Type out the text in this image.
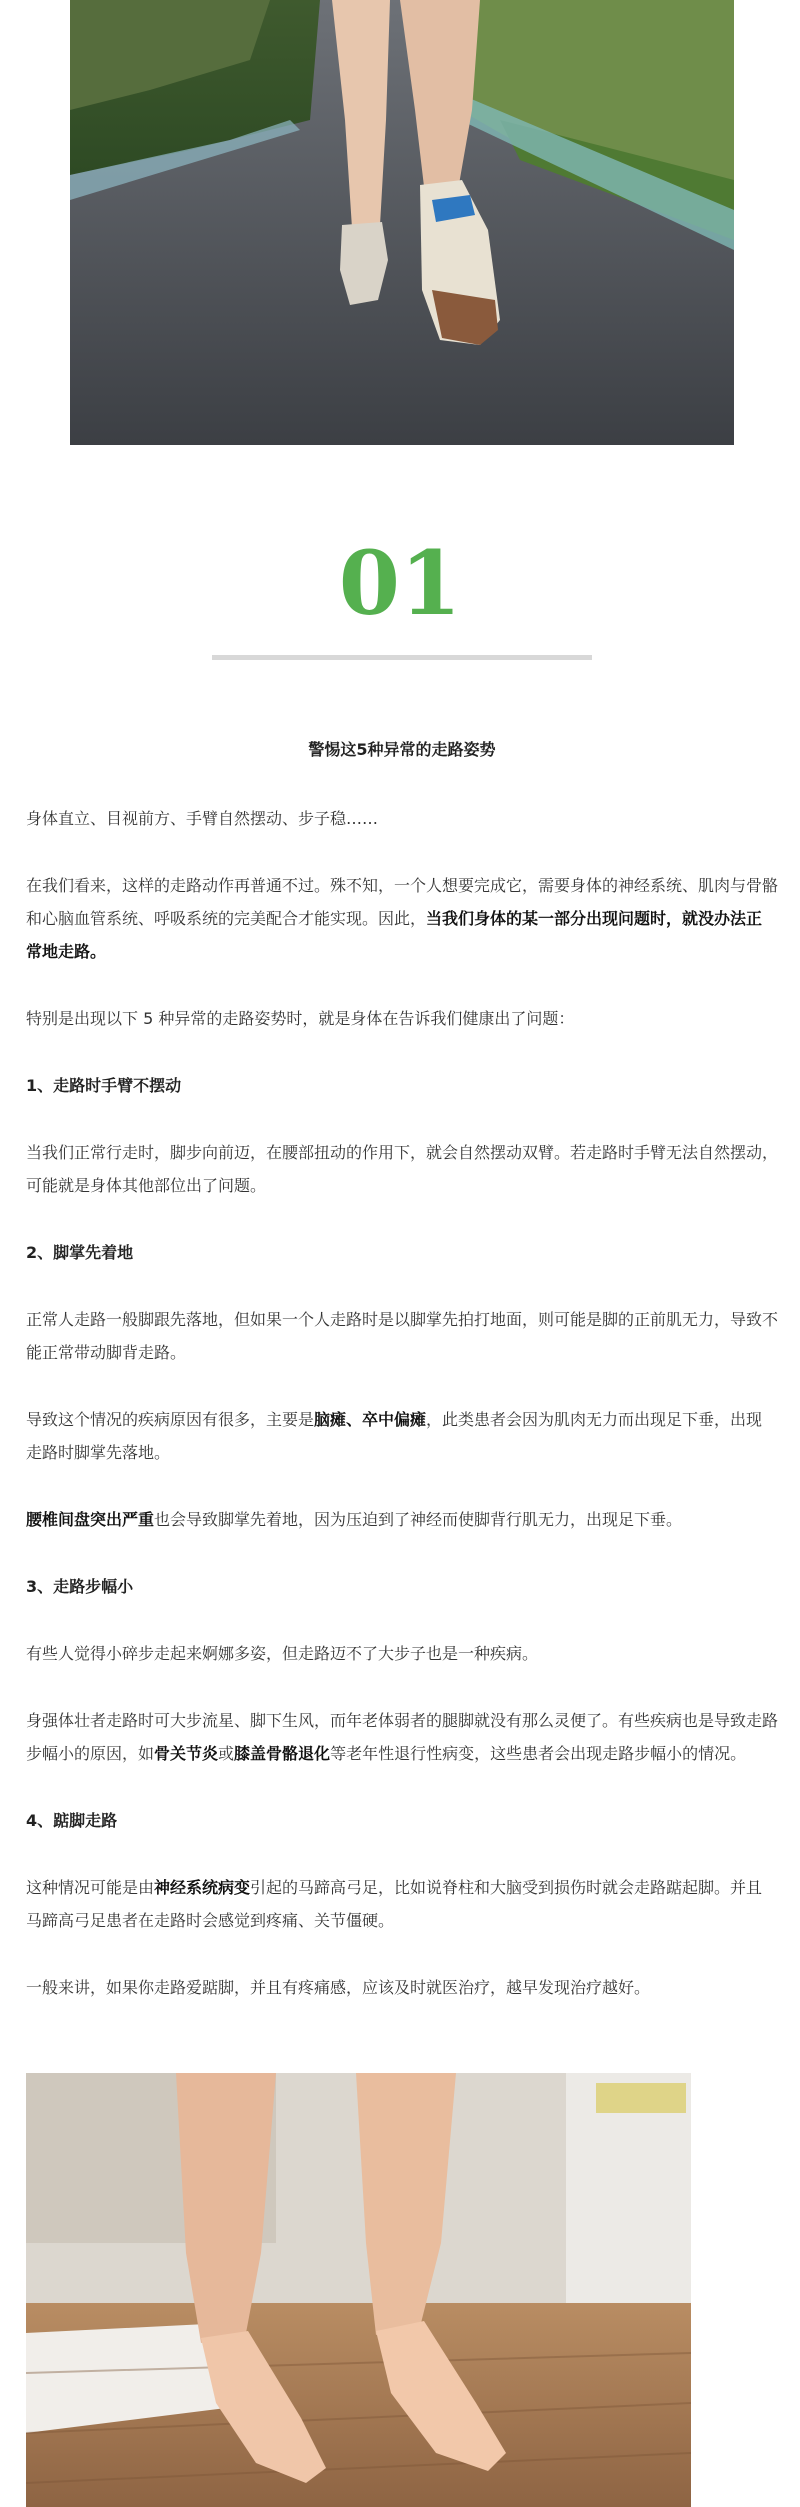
01

警惕这5种异常的走路姿势

身体直立、目视前方、手臂自然摆动、步子稳……

在我们看来，这样的走路动作再普通不过。殊不知，一个人想要完成它，需要身体的神经系统、肌肉与骨骼和心脑血管系统、呼吸系统的完美配合才能实现。因此，当我们身体的某一部分出现问题时，就没办法正常地走路。

特别是出现以下 5 种异常的走路姿势时，就是身体在告诉我们健康出了问题：

1、走路时手臂不摆动

当我们正常行走时，脚步向前迈，在腰部扭动的作用下，就会自然摆动双臂。若走路时手臂无法自然摆动，可能就是身体其他部位出了问题。

2、脚掌先着地

正常人走路一般脚跟先落地，但如果一个人走路时是以脚掌先拍打地面，则可能是脚的正前肌无力，导致不能正常带动脚背走路。

导致这个情况的疾病原因有很多，主要是脑瘫、卒中偏瘫，此类患者会因为肌肉无力而出现足下垂，出现走路时脚掌先落地。

腰椎间盘突出严重也会导致脚掌先着地，因为压迫到了神经而使脚背行肌无力，出现足下垂。

3、走路步幅小

有些人觉得小碎步走起来婀娜多姿，但走路迈不了大步子也是一种疾病。

身强体壮者走路时可大步流星、脚下生风，而年老体弱者的腿脚就没有那么灵便了。有些疾病也是导致走路步幅小的原因，如骨关节炎或膝盖骨骼退化等老年性退行性病变，这些患者会出现走路步幅小的情况。

4、踮脚走路

这种情况可能是由神经系统病变引起的马蹄高弓足，比如说脊柱和大脑受到损伤时就会走路踮起脚。并且马蹄高弓足患者在走路时会感觉到疼痛、关节僵硬。

一般来讲，如果你走路爱踮脚，并且有疼痛感，应该及时就医治疗，越早发现治疗越好。
